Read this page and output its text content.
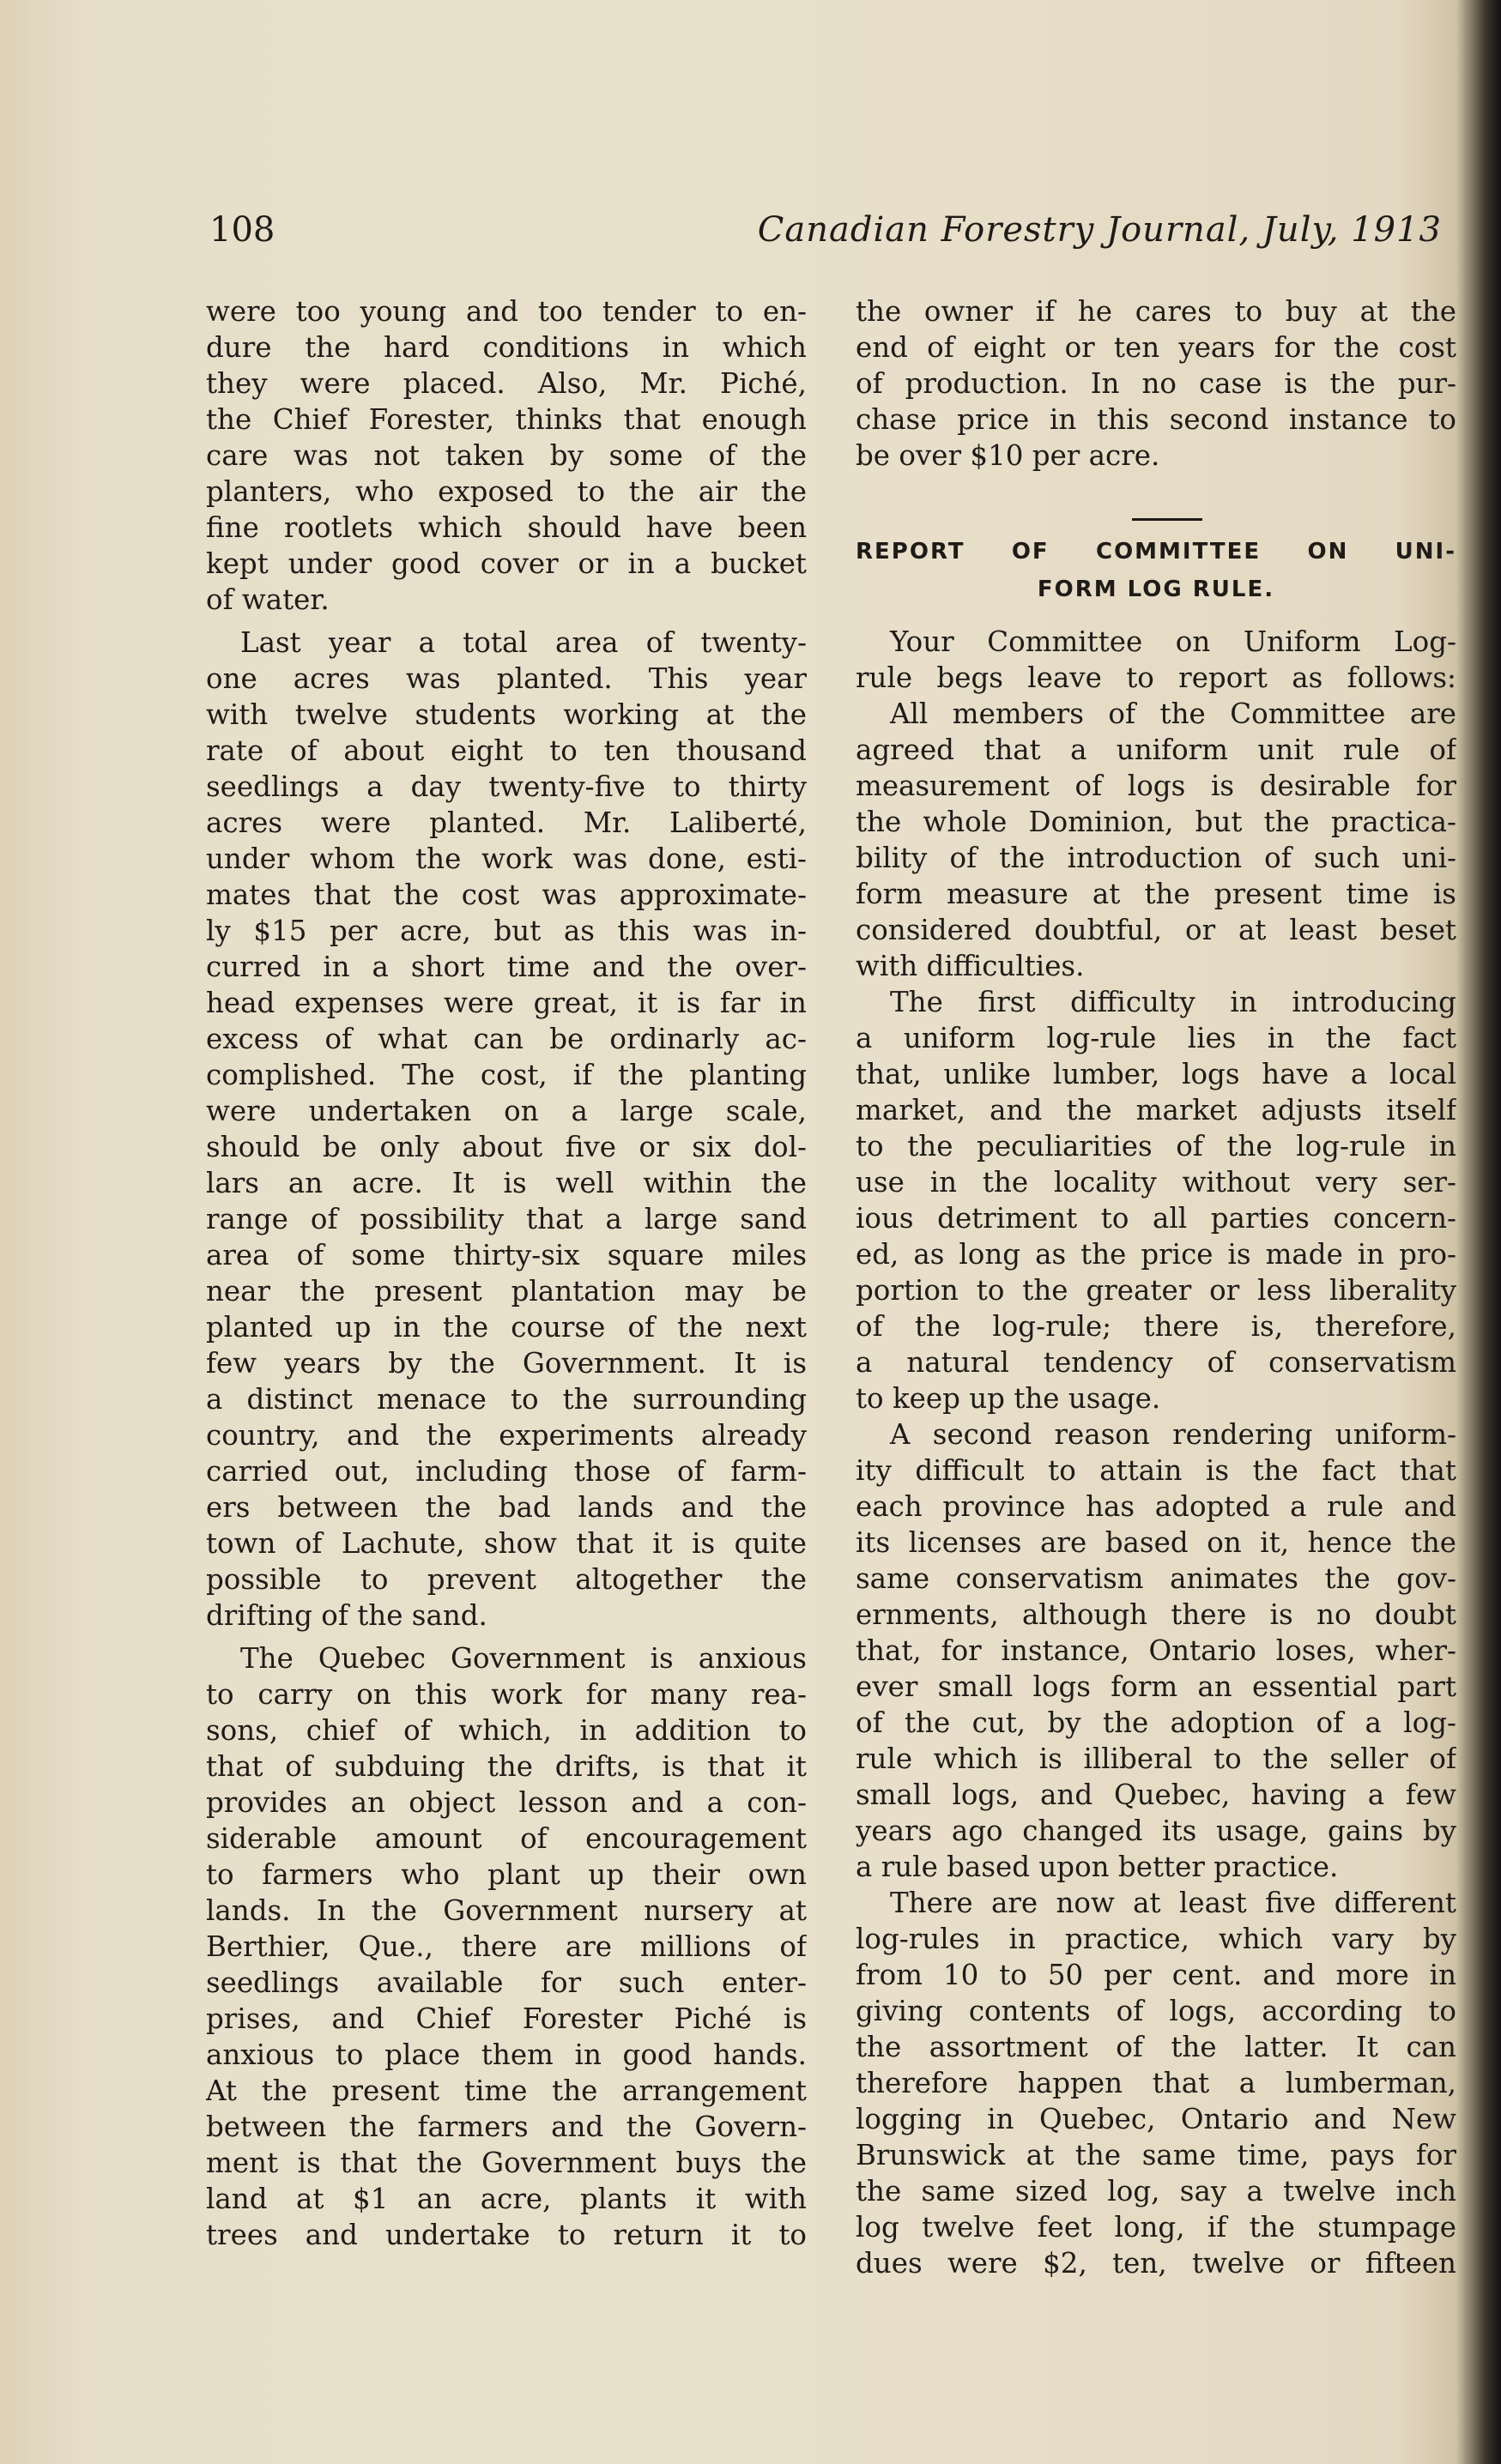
108	Canadian Forestry Journal, July, 1913
were too young and too tender to en-
dure the hard conditions in which
they were placed. Also, Mr. Piché,
the Chief Forester, thinks that enough
care was not taken by some of the
planters, who exposed to the air the
fine rootlets which should have been
kept under good cover or in a bucket
of water.
Last year a total area of twenty-
one acres was planted. This year
with twelve students working at the
rate of about eight to ten thousand
seedlings a day twenty-five to thirty
acres were planted. Mr. Laliberté,
under whom the work was done, esti-
mates that the cost was approximate-
ly $15 per acre, but as this was in-
curred in a short time and the over-
head expenses were great, it is far in
excess of what can be ordinarly ac-
complished. The cost, if the planting
were undertaken on a large scale,
should be only about five or six dol-
lars an acre. It is well within the
range of possibility that a large sand
area of some thirty-six square miles
near the present plantation may be
planted up in the course of the next
few years by the Government. It is
a distinct menace to the surrounding
country, and the experiments already
carried out, including those of farm-
ers between the bad lands and the
town of Lachute, show that it is quite
possible to prevent altogether the
drifting of the sand.
The Quebec Government is anxious
to carry on this work for many rea-
sons, chief of which, in addition to
that of subduing the drifts, is that it
provides an object lesson and a con-
siderable amount of encouragement
to farmers who plant up their own
lands. In the Government nursery at
Berthier, Que., there are millions of
seedlings available for such enter-
prises, and Chief Forester Piché is
anxious to place them in good hands.
At the present time the arrangement
between the farmers and the Govern-
ment is that the Government buys the
land at $1 an acre, plants it with
trees and undertake to return it to
the owner if he cares to buy at the
end of eight or ten years for the cost
of production. In no case is the pur-
chase price in this second instance to
be over $10 per acre.
REPORT OF COMMITTEE ON UNI-
FORM LOG RULE.
Your Committee on Uniform Log-
rule begs leave to report as follows:
All members of the Committee are
agreed that a uniform unit rule of
measurement of logs is desirable for
the whole Dominion, but the practica-
bility of the introduction of such uni-
form measure at the present time is
considered doubtful, or at least beset
with difficulties.
The first difficulty in introducing
a uniform log-rule lies in the fact
that, unlike lumber, logs have a local
market, and the market adjusts itself
to the peculiarities of the log-rule in
use in the locality without very ser-
ious detriment to all parties concern-
ed, as long as the price is made in pro-
portion to the greater or less liberality
of the log-rule; there is, therefore,
a natural tendency of conservatism
to keep up the usage.
A second reason rendering uniform-
ity difficult to attain is the fact that
each province has adopted a rule and
its licenses are based on it, hence the
same conservatism animates the gov-
ernments, although there is no doubt
that, for instance, Ontario loses, wher-
ever small logs form an essential part
of the cut, by the adoption of a log-
rule which is illiberal to the seller of
small logs, and Quebec, having a few
years ago changed its usage, gains by
a rule based upon better practice.
There are now at least five different
log-rules in practice, which vary by
from 10 to 50 per cent. and more in
giving contents of logs, according to
the assortment of the latter. It can
therefore happen that a lumberman,
logging in Quebec, Ontario and New
Brunswick at the same time, pays for
the same sized log, say a twelve inch
log twelve feet long, if the stumpage
dues were $2, ten, twelve or fifteen
